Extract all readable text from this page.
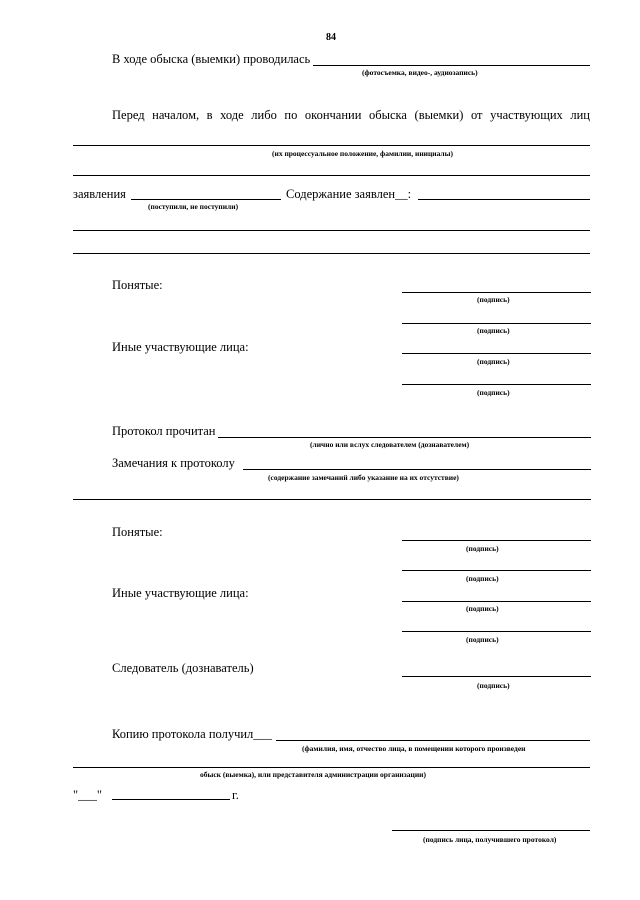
84
В ходе обыска (выемки) проводилась
(фотосъемка, видео-, аудиозапись)
Перед началом, в ходе либо по окончании обыска (выемки) от участвующих лиц
(их процессуальное положение, фамилии, инициалы)
заявления
(поступили, не поступили)
Содержание заявлен__:
Понятые:
(подпись)
(подпись)
Иные участвующие лица:
(подпись)
(подпись)
Протокол прочитан
(лично или вслух следователем (дознавателем)
Замечания к протоколу
(содержание замечаний либо указание на их отсутствие)
Понятые:
(подпись)
(подпись)
Иные участвующие лица:
(подпись)
(подпись)
Следователь (дознаватель)
(подпись)
Копию протокола получил___
(фамилия, имя, отчество лица, в помещении которого произведен
обыск (выемка), или представителя администрации организации)
"___"	г.
(подпись лица, получившего протокол)
